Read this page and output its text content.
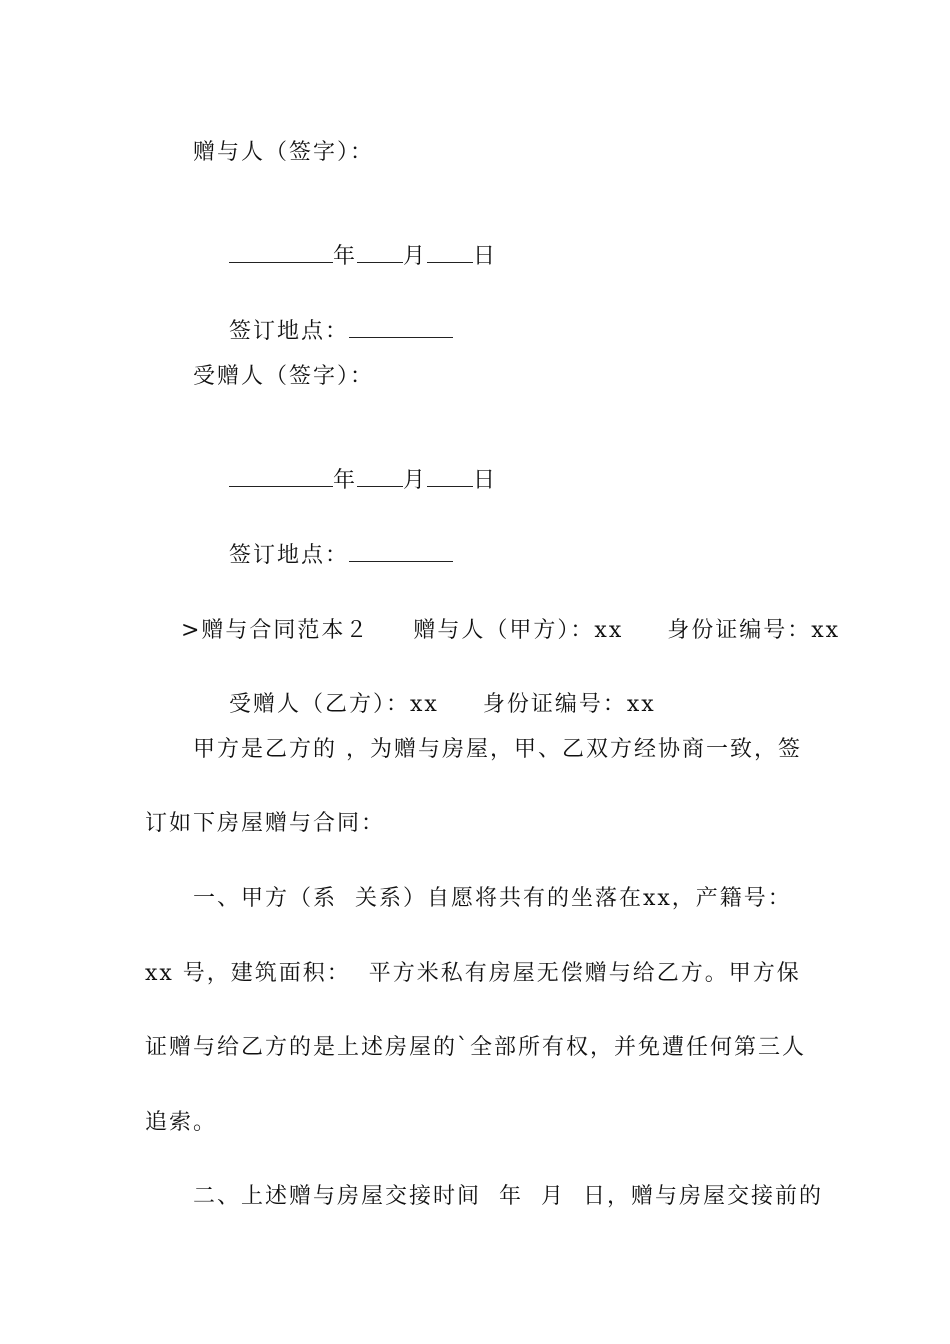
赠与人（签字）：

年 月 日

签订地点：

受赠人（签字）：

年 月 日

签订地点：

>赠与合同范本２ 赠与人（甲方）：xx 身份证编号：xx

受赠人（乙方）：xx 身份证编号：xx

甲方是乙方的 ，为赠与房屋，甲、乙双方经协商一致，签
订如下房屋赠与合同：
一、甲方（系  关系）自愿将共有的坐落在xx，产籍号：
xx 号，建筑面积：  平方米私有房屋无偿赠与给乙方。甲方保
证赠与给乙方的是上述房屋的`全部所有权，并免遭任何第三人
追索。
二、上述赠与房屋交接时间  年  月  日，赠与房屋交接前的
